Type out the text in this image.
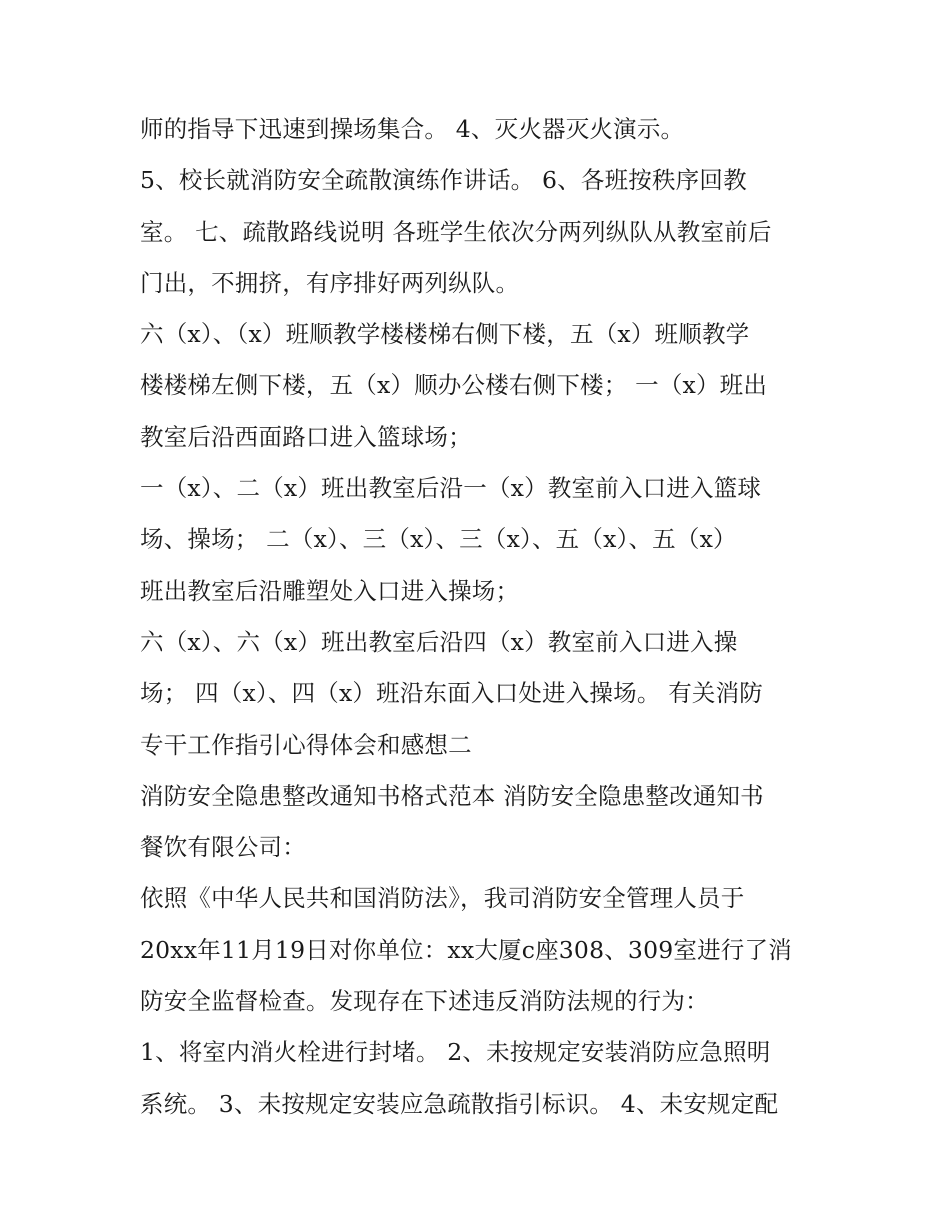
师的指导下迅速到操场集合。 4、灭火器灭火演示。
5、校长就消防安全疏散演练作讲话。 6、各班按秩序回教
室。 七、疏散路线说明 各班学生依次分两列纵队从教室前后
门出，不拥挤，有序排好两列纵队。
六（x）、（x）班顺教学楼楼梯右侧下楼，五（x）班顺教学
楼楼梯左侧下楼，五（x）顺办公楼右侧下楼； 一（x）班出
教室后沿西面路口进入篮球场；
一（x）、二（x）班出教室后沿一（x）教室前入口进入篮球
场、操场； 二（x）、三（x）、三（x）、五（x）、五（x）
班出教室后沿雕塑处入口进入操场；
六（x）、六（x）班出教室后沿四（x）教室前入口进入操
场； 四（x）、四（x）班沿东面入口处进入操场。 有关消防
专干工作指引心得体会和感想二
消防安全隐患整改通知书格式范本 消防安全隐患整改通知书
餐饮有限公司：
依照《中华人民共和国消防法》，我司消防安全管理人员于
20xx年11月19日对你单位：xx大厦c座308、309室进行了消
防安全监督检查。发现存在下述违反消防法规的行为：
1、将室内消火栓进行封堵。 2、未按规定安装消防应急照明
系统。 3、未按规定安装应急疏散指引标识。 4、未安规定配
